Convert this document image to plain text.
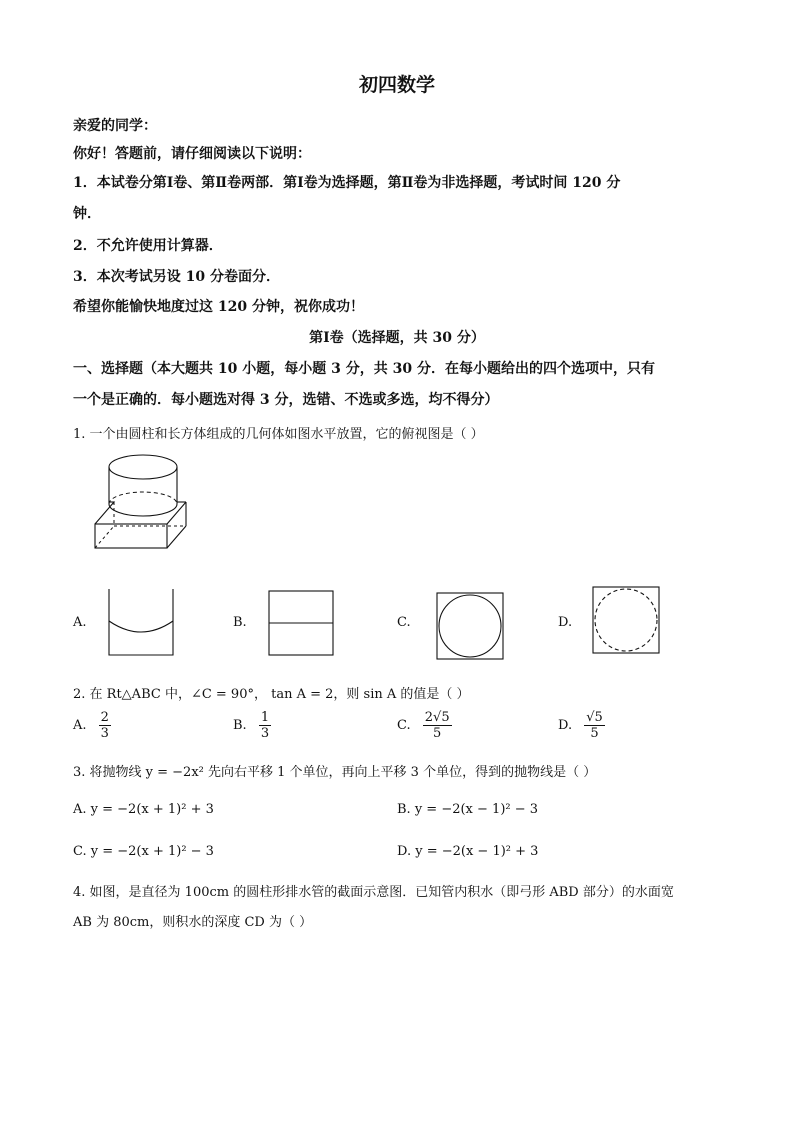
初四数学
亲爱的同学：
你好！答题前，请仔细阅读以下说明：
1．本试卷分第Ⅰ卷、第Ⅱ卷两部．第Ⅰ卷为选择题，第Ⅱ卷为非选择题，考试时间 120 分
钟．
2．不允许使用计算器．
3．本次考试另设 10 分卷面分．
希望你能愉快地度过这 120 分钟，祝你成功！
第Ⅰ卷（选择题，共 30 分）
一、选择题（本大题共 10 小题，每小题 3 分，共 30 分．在每小题给出的四个选项中，只有
一个是正确的．每小题选对得 3 分，选错、不选或多选，均不得分）
1. 一个由圆柱和长方体组成的几何体如图水平放置，它的俯视图是（ ）
A.	B.	C.	D.
2. 在 Rt△ABC 中，∠C = 90°， tan A = 2，则 sin A 的值是（ ）
A. $\frac{2}{3}$	B. $\frac{1}{3}$	C. $\frac{2√5}{5}$	D. $\frac{√5}{5}$
3. 将抛物线 y = −2x² 先向右平移 1 个单位，再向上平移 3 个单位，得到的抛物线是（ ）
A. y = −2(x + 1)² + 3	B. y = −2(x − 1)² − 3
C. y = −2(x + 1)² − 3	D. y = −2(x − 1)² + 3
4. 如图，是直径为 100cm 的圆柱形排水管的截面示意图．已知管内积水（即弓形 ABD 部分）的水面宽
AB 为 80cm，则积水的深度 CD 为（ ）
